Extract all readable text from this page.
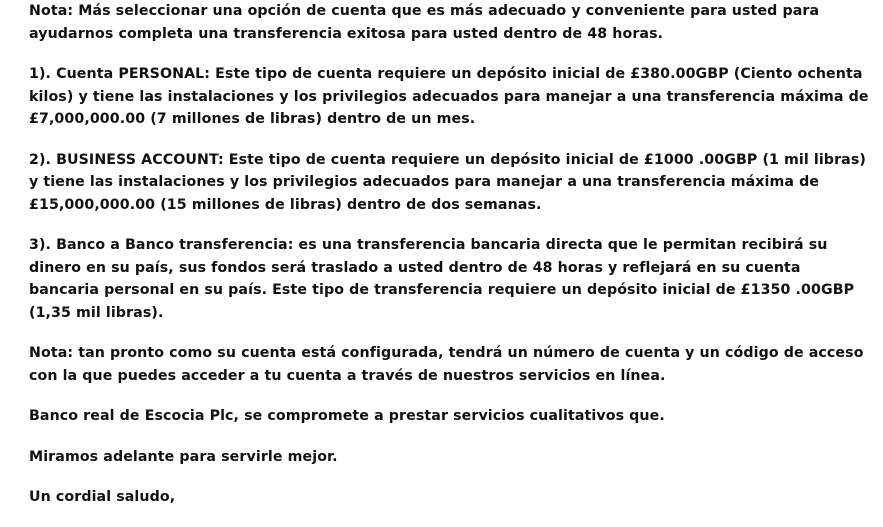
Nota: Más seleccionar una opción de cuenta que es más adecuado y conveniente para usted para ayudarnos completa una transferencia exitosa para usted dentro de 48 horas.

1). Cuenta PERSONAL: Este tipo de cuenta requiere un depósito inicial de £380.00GBP (Ciento ochenta kilos) y tiene las instalaciones y los privilegios adecuados para manejar a una transferencia máxima de £7,000,000.00 (7 millones de libras) dentro de un mes.

2). BUSINESS ACCOUNT: Este tipo de cuenta requiere un depósito inicial de £1000 .00GBP (1 mil libras) y tiene las instalaciones y los privilegios adecuados para manejar a una transferencia máxima de £15,000,000.00 (15 millones de libras) dentro de dos semanas.

3). Banco a Banco transferencia: es una transferencia bancaria directa que le permitan recibirá su dinero en su país, sus fondos será traslado a usted dentro de 48 horas y reflejará en su cuenta bancaria personal en su país. Este tipo de transferencia requiere un depósito inicial de £1350 .00GBP (1,35 mil libras).

Nota: tan pronto como su cuenta está configurada, tendrá un número de cuenta y un código de acceso con la que puedes acceder a tu cuenta a través de nuestros servicios en línea.

Banco real de Escocia Plc, se compromete a prestar servicios cualitativos que.

Miramos adelante para servirle mejor.

Un cordial saludo,
